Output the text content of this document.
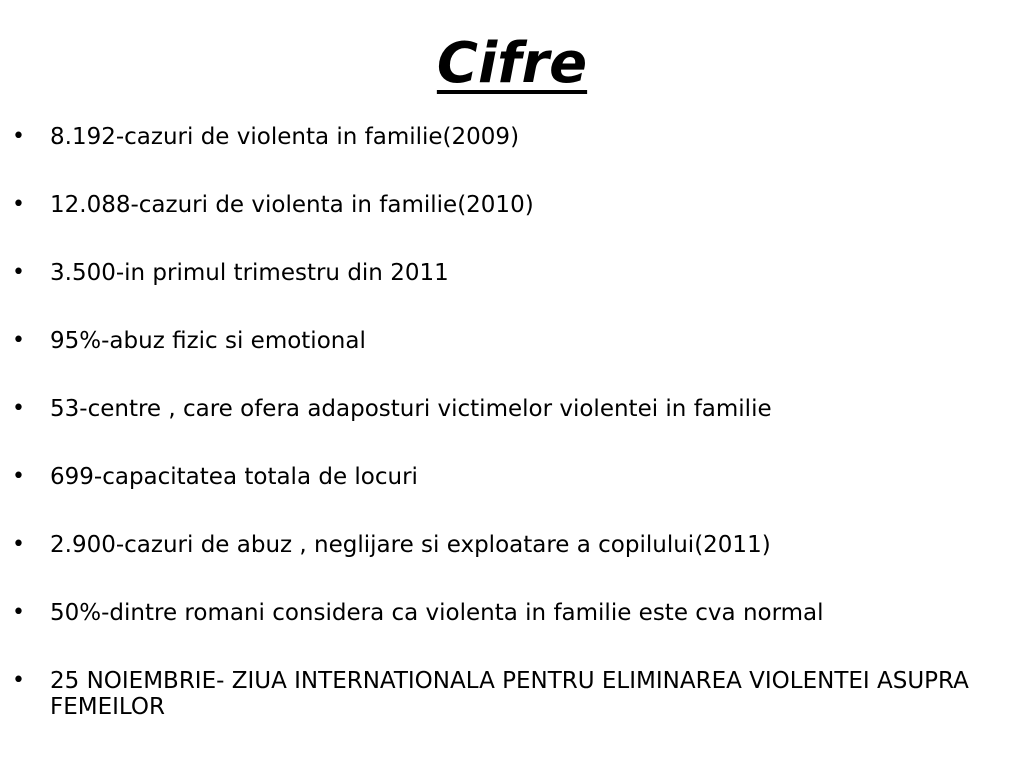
Cifre
•	8.192-cazuri de violenta in familie(2009)
•	12.088-cazuri de violenta in familie(2010)
•	3.500-in primul trimestru din 2011
•	95%-abuz fizic si emotional
•	53-centre , care ofera adaposturi victimelor violentei in familie
•	699-capacitatea totala de locuri
•	2.900-cazuri de abuz , neglijare si exploatare a copilului(2011)
•	50%-dintre romani considera ca violenta in familie este cva normal
•	25 NOIEMBRIE- ZIUA INTERNATIONALA PENTRU ELIMINAREA VIOLENTEI ASUPRA FEMEILOR
